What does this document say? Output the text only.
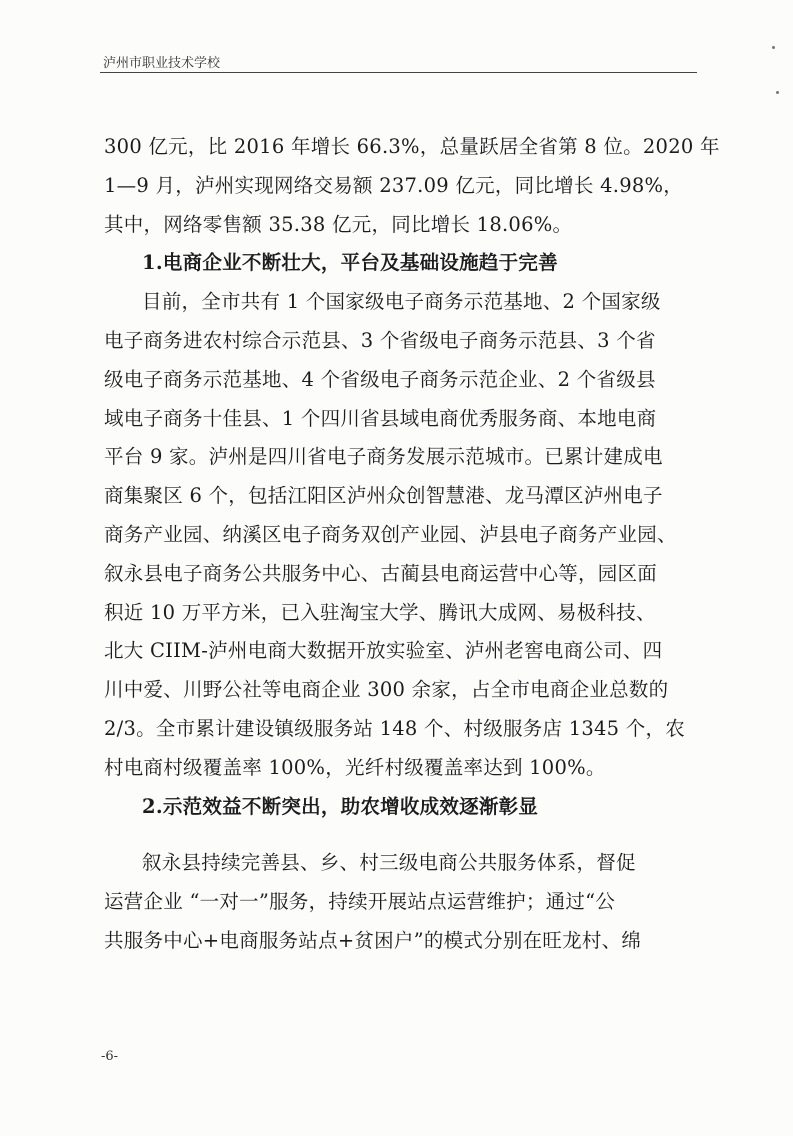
泸州市职业技术学校
300 亿元，比 2016 年增长 66.3%，总量跃居全省第 8 位。2020 年
1—9 月，泸州实现网络交易额 237.09 亿元，同比增长 4.98%，
其中，网络零售额 35.38 亿元，同比增长 18.06%。
1.电商企业不断壮大，平台及基础设施趋于完善
目前，全市共有 1 个国家级电子商务示范基地、2 个国家级
电子商务进农村综合示范县、3 个省级电子商务示范县、3 个省
级电子商务示范基地、4 个省级电子商务示范企业、2 个省级县
域电子商务十佳县、1 个四川省县域电商优秀服务商、本地电商
平台 9 家。泸州是四川省电子商务发展示范城市。已累计建成电
商集聚区 6 个，包括江阳区泸州众创智慧港、龙马潭区泸州电子
商务产业园、纳溪区电子商务双创产业园、泸县电子商务产业园、
叙永县电子商务公共服务中心、古蔺县电商运营中心等，园区面
积近 10 万平方米，已入驻淘宝大学、腾讯大成网、易极科技、
北大 CIIM-泸州电商大数据开放实验室、泸州老窖电商公司、四
川中爱、川野公社等电商企业 300 余家，占全市电商企业总数的
2/3。全市累计建设镇级服务站 148 个、村级服务店 1345 个，农
村电商村级覆盖率 100%，光纤村级覆盖率达到 100%。
2.示范效益不断突出，助农增收成效逐渐彰显
叙永县持续完善县、乡、村三级电商公共服务体系，督促
运营企业 “一对一”服务，持续开展站点运营维护；通过“公
共服务中心+电商服务站点+贫困户”的模式分别在旺龙村、绵
-6-
